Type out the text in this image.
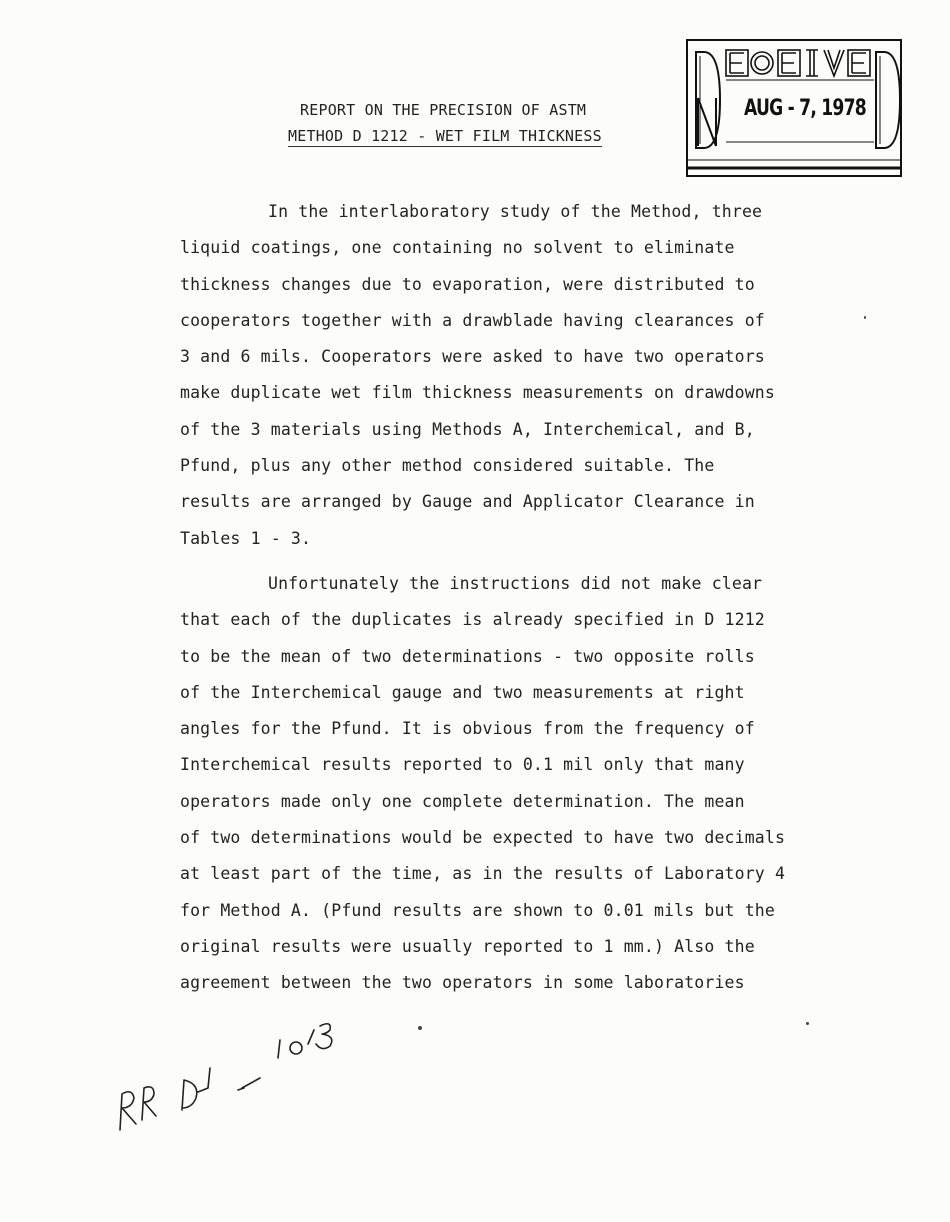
REPORT ON THE PRECISION OF ASTM
METHOD D 1212 - WET FILM THICKNESS
AUG - 7, 1978
In the interlaboratory study of the Method, three
liquid coatings, one containing no solvent to eliminate
thickness changes due to evaporation, were distributed to
cooperators together with a drawblade having clearances of
3 and 6 mils. Cooperators were asked to have two operators
make duplicate wet film thickness measurements on drawdowns
of the 3 materials using Methods A, Interchemical, and B,
Pfund, plus any other method considered suitable. The
results are arranged by Gauge and Applicator Clearance in
Tables 1 - 3.
Unfortunately the instructions did not make clear
that each of the duplicates is already specified in D 1212
to be the mean of two determinations - two opposite rolls
of the Interchemical gauge and two measurements at right
angles for the Pfund. It is obvious from the frequency of
Interchemical results reported to 0.1 mil only that many
operators made only one complete determination. The mean
of two determinations would be expected to have two decimals
at least part of the time, as in the results of Laboratory 4
for Method A. (Pfund results are shown to 0.01 mils but the
original results were usually reported to 1 mm.) Also the
agreement between the two operators in some laboratories
